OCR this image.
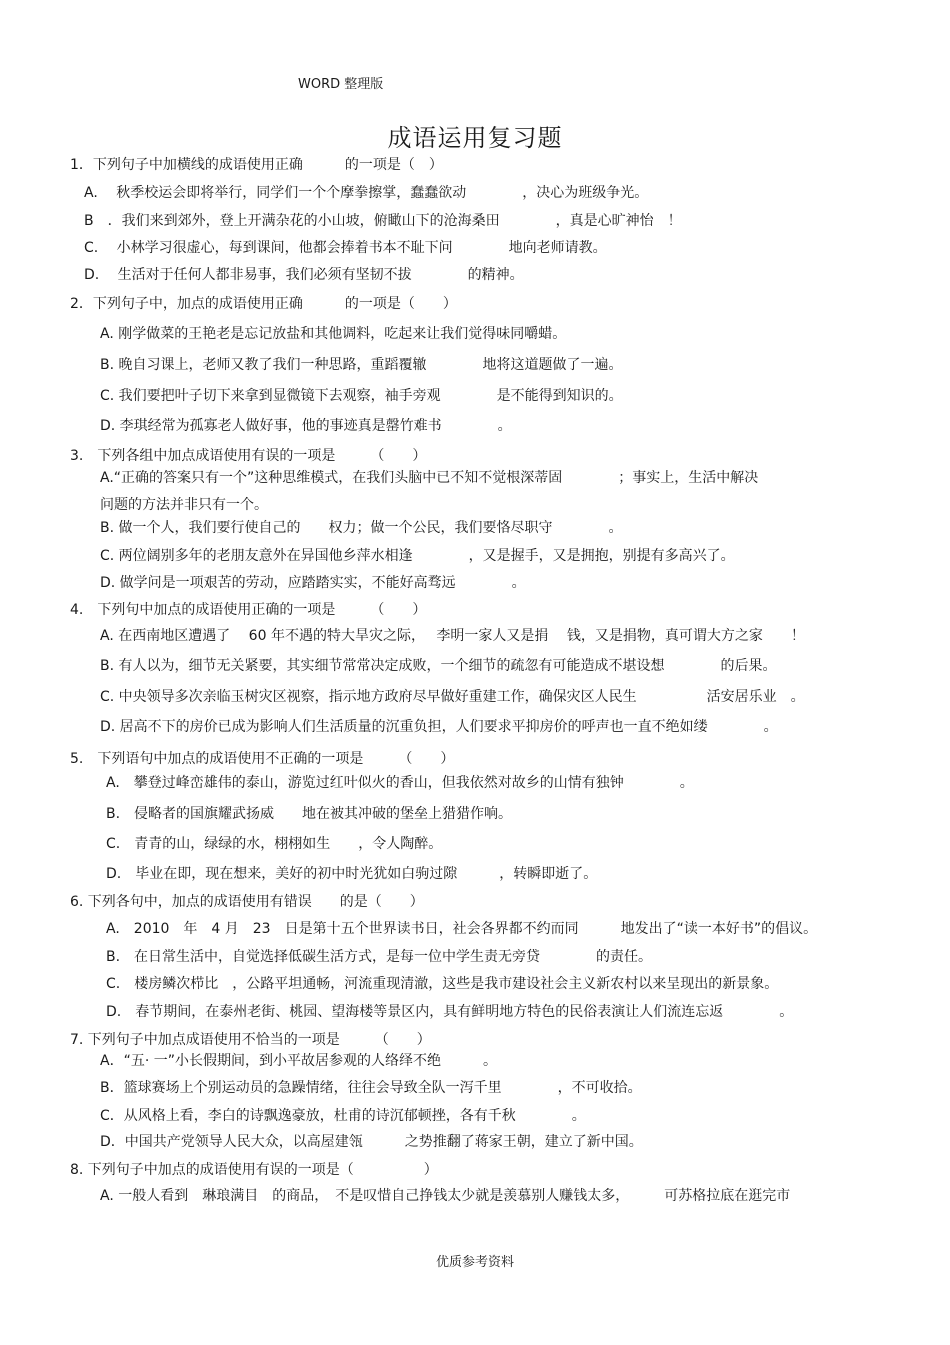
WORD 整理版
成语运用复习题
1．下列句子中加横线的成语使用正确　　　的一项是（　）
A.　 秋季校运会即将举行，同学们一个个摩拳擦掌，蠢蠢欲动　　　　，决心为班级争光。
B　．我们来到郊外，登上开满杂花的小山坡，俯瞰山下的沧海桑田　　　　，真是心旷神怡　！
C.　 小林学习很虚心，每到课间，他都会捧着书本不耻下问　　　　地向老师请教。
D.　 生活对于任何人都非易事，我们必须有坚韧不拔　　　　的精神。
2．下列句子中，加点的成语使用正确　　　的一项是（　　）
A. 刚学做菜的王艳老是忘记放盐和其他调料，吃起来让我们觉得味同嚼蜡。
B. 晚自习课上，老师又教了我们一种思路，重蹈覆辙　　　　地将这道题做了一遍。
C. 我们要把叶子切下来拿到显微镜下去观察，袖手旁观　　　　是不能得到知识的。
D. 李琪经常为孤寡老人做好事，他的事迹真是罄竹难书　　　　。
3.　下列各组中加点成语使用有误的一项是　　　（　　）
A.“正确的答案只有一个”这种思维模式，在我们头脑中已不知不觉根深蒂固　　　　；事实上，生活中解决
问题的方法并非只有一个。
B. 做一个人，我们要行使自己的　　权力；做一个公民，我们要恪尽职守　　　　。
C. 两位阔别多年的老朋友意外在异国他乡萍水相逢　　　　，又是握手，又是拥抱，别提有多高兴了。
D. 做学问是一项艰苦的劳动，应踏踏实实，不能好高骛远　　　　。
4.　下列句中加点的成语使用正确的一项是　　　（　　）
A. 在西南地区遭遇了　 60 年不遇的特大旱灾之际，　 李明一家人又是捐　 钱，又是捐物，真可谓大方之家　　！
B. 有人以为，细节无关紧要，其实细节常常决定成败，一个细节的疏忽有可能造成不堪设想　　　　的后果。
C. 中央领导多次亲临玉树灾区视察，指示地方政府尽早做好重建工作，确保灾区人民生　　　　　活安居乐业　。
D. 居高不下的房价已成为影响人们生活质量的沉重负担，人们要求平抑房价的呼声也一直不绝如缕　　　　。
5.　下列语句中加点的成语使用不正确的一项是　　　（　　）
A.　攀登过峰峦雄伟的泰山，游览过红叶似火的香山，但我依然对故乡的山情有独钟　　　　。
B.　侵略者的国旗耀武扬威　　地在被其冲破的堡垒上猎猎作响。
C.　青青的山，绿绿的水，栩栩如生　　，令人陶醉。
D.　毕业在即，现在想来，美好的初中时光犹如白驹过隙　　　，转瞬即逝了。
6. 下列各句中，加点的成语使用有错误　　的是（　　）
A.　2010　年　4 月　23　日是第十五个世界读书日，社会各界都不约而同　　　地发出了“读一本好书”的倡议。
B.　在日常生活中，自觉选择低碳生活方式，是每一位中学生责无旁贷　　　　的责任。
C.　楼房鳞次栉比　，公路平坦通畅，河流重现清澈，这些是我市建设社会主义新农村以来呈现出的新景象。
D.　春节期间，在泰州老街、桃园、望海楼等景区内，具有鲜明地方特色的民俗表演让人们流连忘返　　　　。
7. 下列句子中加点成语使用不恰当的一项是　　　（　　）
A．“五· 一”小长假期间，到小平故居参观的人络绎不绝　　　。
B．篮球赛场上个别运动员的急躁情绪，往往会导致全队一泻千里　　　　，不可收拾。
C．从风格上看，李白的诗飘逸豪放，杜甫的诗沉郁顿挫，各有千秋　　　　。
D．中国共产党领导人民大众，以高屋建瓴　　　之势推翻了蒋家王朝，建立了新中国。
8. 下列句子中加点的成语使用有误的一项是（　　　　　）
A. 一般人看到　琳琅满目　的商品，　不是叹惜自己挣钱太少就是羡慕别人赚钱太多，　　　可苏格拉底在逛完市
优质参考资料
